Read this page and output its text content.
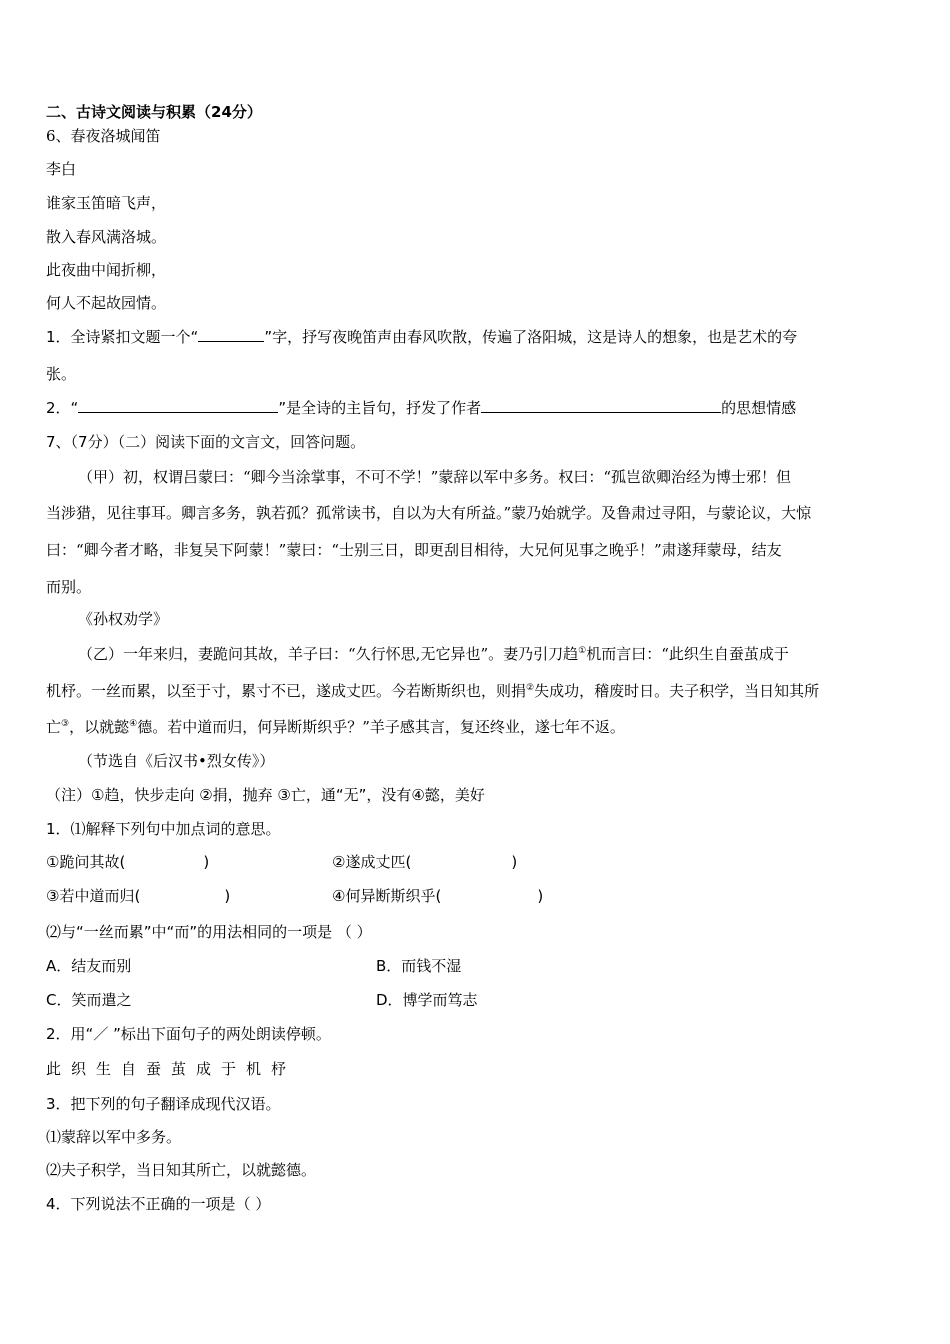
二、古诗文阅读与积累（24分）
6、春夜洛城闻笛
李白
谁家玉笛暗飞声，
散入春风满洛城。
此夜曲中闻折柳，
何人不起故园情。
1．全诗紧扣文题一个“	”字，抒写夜晚笛声由春风吹散，传遍了洛阳城，这是诗人的想象，也是艺术的夸
张。
2．“	”是全诗的主旨句，抒发了作者	的思想情感
7、（7分）（二）阅读下面的文言文，回答问题。
（甲）初，权谓吕蒙曰：“卿今当涂掌事，不可不学！”蒙辞以军中多务。权曰：“孤岂欲卿治经为博士邪！但
当涉猎，见往事耳。卿言多务，孰若孤？孤常读书，自以为大有所益。”蒙乃始就学。及鲁肃过寻阳，与蒙论议，大惊
曰：“卿今者才略，非复吴下阿蒙！”蒙曰：“士别三日，即更刮目相待，大兄何见事之晚乎！”肃遂拜蒙母，结友
而别。
《孙权劝学》
（乙）一年来归，妻跪问其故，羊子曰：“久行怀思,无它异也”。妻乃引刀趋①机而言曰：“此织生自蚕茧成于
机杼。一丝而累，以至于寸，累寸不已，遂成丈匹。今若断斯织也，则捐②失成功，稽废时日。夫子积学，当日知其所
亡③，以就懿④德。若中道而归，何异断斯织乎？”羊子感其言，复还终业，遂七年不返。
（节选自《后汉书•烈女传》）
（注）①趋，快步走向 ②捐，抛弃 ③亡，通“无”，没有④懿，美好
1．⑴解释下列句中加点词的意思。
①跪问其故(	)	②遂成丈匹(	)
③若中道而归(	)	④何异断斯织乎(	)
⑵与“一丝而累”中“而”的用法相同的一项是 （ ）
A．结友而别	B．而钱不湿
C．笑而遣之	D．博学而笃志
2．用“／ ”标出下面句子的两处朗读停顿。
此织生自蚕茧成于机杼
3．把下列的句子翻译成现代汉语。
⑴蒙辞以军中多务。
⑵夫子积学，当日知其所亡，以就懿德。
4．下列说法不正确的一项是（ ）
